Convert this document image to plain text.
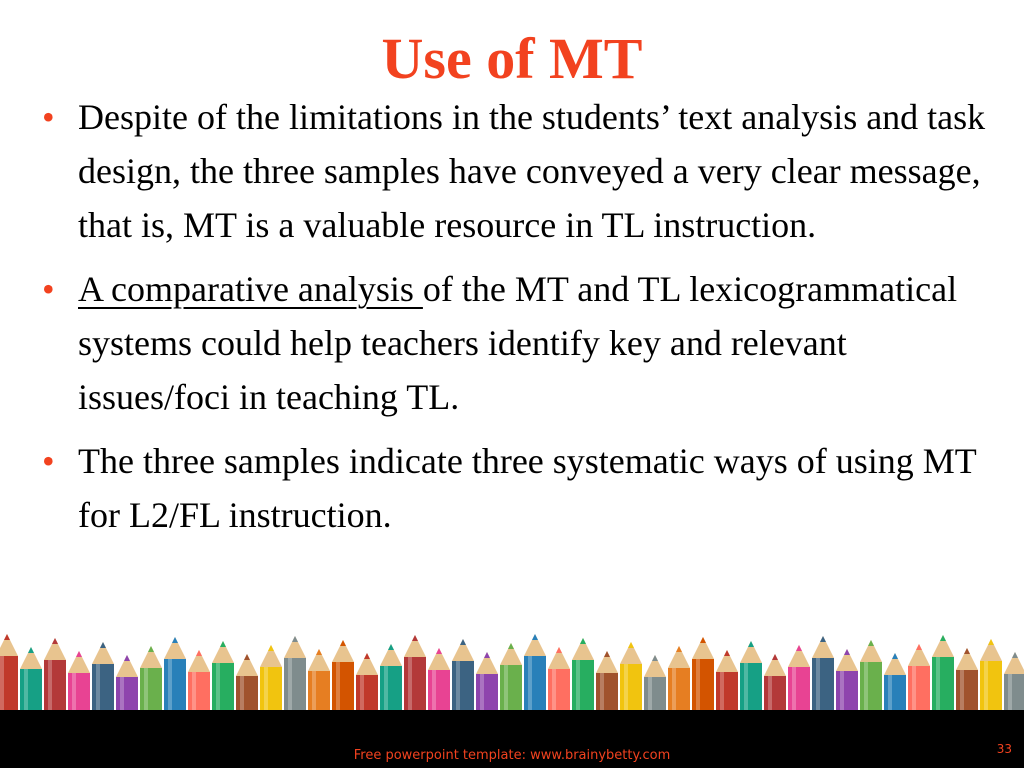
Use of MT
• Despite of the limitations in the students’ text analysis and task design, the three samples have conveyed a very clear message, that is, MT is a valuable resource in TL instruction.
• A comparative analysis of the MT and TL lexicogrammatical systems could help teachers identify key and relevant issues/foci in teaching TL.
• The three samples indicate three systematic ways of using MT for L2/FL instruction.
Free powerpoint template: www.brainybetty.com	33
